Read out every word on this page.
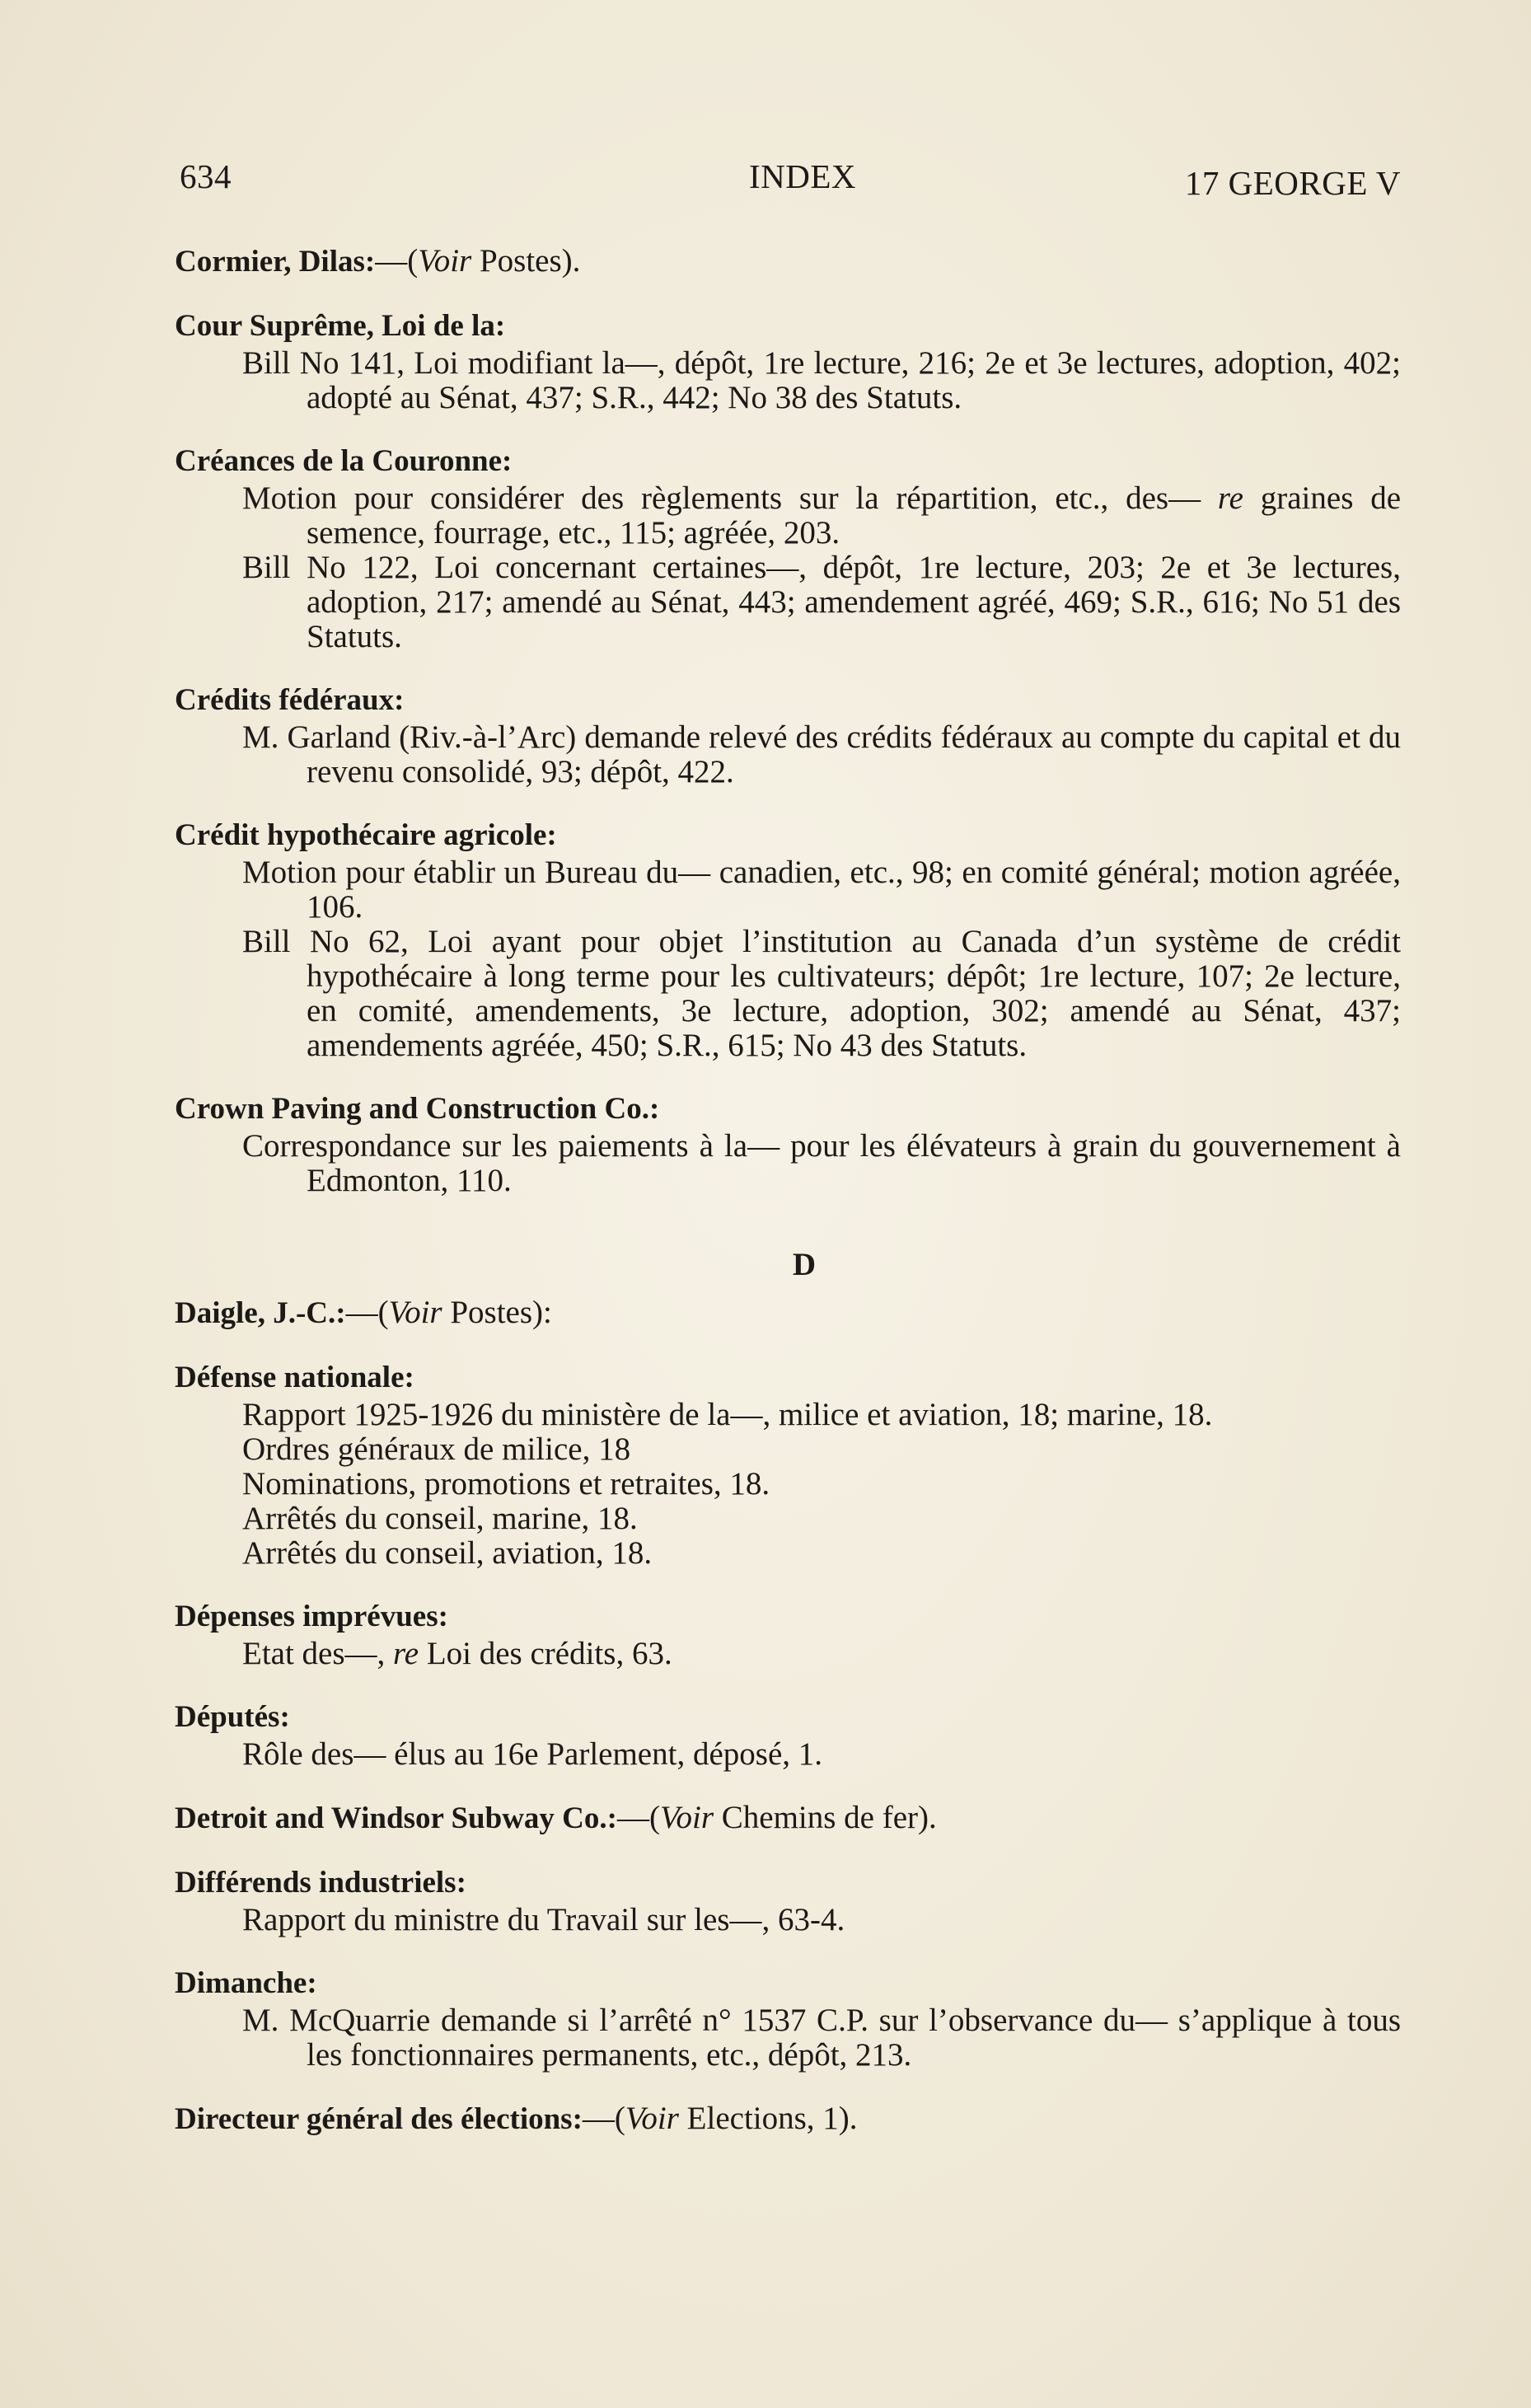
634	INDEX	17 GEORGE V
Cormier, Dilas:—(Voir Postes).
Cour Suprême, Loi de la:
Bill No 141, Loi modifiant la—, dépôt, 1re lecture, 216; 2e et 3e lectures, adoption, 402; adopté au Sénat, 437; S.R., 442; No 38 des Statuts.
Créances de la Couronne:
Motion pour considérer des règlements sur la répartition, etc., des— re graines de semence, fourrage, etc., 115; agréée, 203.
Bill No 122, Loi concernant certaines—, dépôt, 1re lecture, 203; 2e et 3e lectures, adoption, 217; amendé au Sénat, 443; amendement agréé, 469; S.R., 616; No 51 des Statuts.
Crédits fédéraux:
M. Garland (Riv.-à-l’Arc) demande relevé des crédits fédéraux au compte du capital et du revenu consolidé, 93; dépôt, 422.
Crédit hypothécaire agricole:
Motion pour établir un Bureau du— canadien, etc., 98; en comité général; motion agréée, 106.
Bill No 62, Loi ayant pour objet l’institution au Canada d’un système de crédit hypothécaire à long terme pour les cultivateurs; dépôt; 1re lecture, 107; 2e lecture, en comité, amendements, 3e lecture, adoption, 302; amendé au Sénat, 437; amendements agréée, 450; S.R., 615; No 43 des Statuts.
Crown Paving and Construction Co.:
Correspondance sur les paiements à la— pour les élévateurs à grain du gouvernement à Edmonton, 110.
D
Daigle, J.-C.:—(Voir Postes):
Défense nationale:
Rapport 1925-1926 du ministère de la—, milice et aviation, 18; marine, 18.
Ordres généraux de milice, 18
Nominations, promotions et retraites, 18.
Arrêtés du conseil, marine, 18.
Arrêtés du conseil, aviation, 18.
Dépenses imprévues:
Etat des—, re Loi des crédits, 63.
Députés:
Rôle des— élus au 16e Parlement, déposé, 1.
Detroit and Windsor Subway Co.:—(Voir Chemins de fer).
Différends industriels:
Rapport du ministre du Travail sur les—, 63-4.
Dimanche:
M. McQuarrie demande si l’arrêté n° 1537 C.P. sur l’observance du— s’applique à tous les fonctionnaires permanents, etc., dépôt, 213.
Directeur général des élections:—(Voir Elections, 1).
